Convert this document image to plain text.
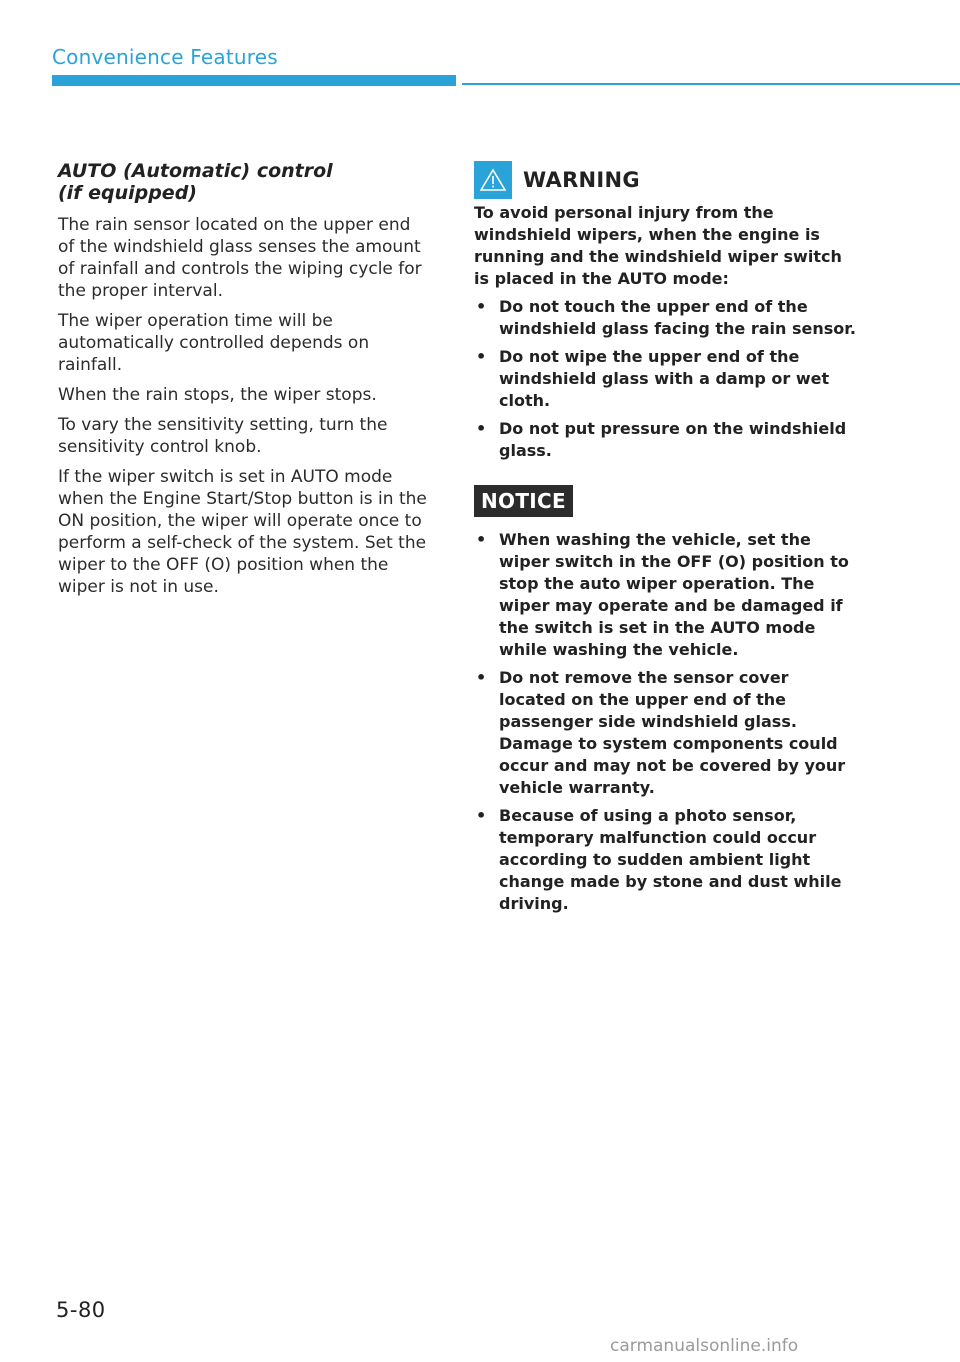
Convenience Features
AUTO (Automatic) control
(if equipped)

The rain sensor located on the upper end of the windshield glass senses the amount of rainfall and controls the wiping cycle for the proper interval.

The wiper operation time will be automatically controlled depends on rainfall.

When the rain stops, the wiper stops.

To vary the sensitivity setting, turn the sensitivity control knob.

If the wiper switch is set in AUTO mode when the Engine Start/Stop button is in the ON position, the wiper will operate once to perform a self-check of the system. Set the wiper to the OFF (O) position when the wiper is not in use.

WARNING

To avoid personal injury from the windshield wipers, when the engine is running and the windshield wiper switch is placed in the AUTO mode:

• Do not touch the upper end of the windshield glass facing the rain sensor.
• Do not wipe the upper end of the windshield glass with a damp or wet cloth.
• Do not put pressure on the windshield glass.
NOTICE
• When washing the vehicle, set the wiper switch in the OFF (O) position to stop the auto wiper operation. The wiper may operate and be damaged if the switch is set in the AUTO mode while washing the vehicle.
• Do not remove the sensor cover located on the upper end of the passenger side windshield glass. Damage to system components could occur and may not be covered by your vehicle warranty.
• Because of using a photo sensor, temporary malfunction could occur according to sudden ambient light change made by stone and dust while driving.
5-80
carmanualsonline.info
